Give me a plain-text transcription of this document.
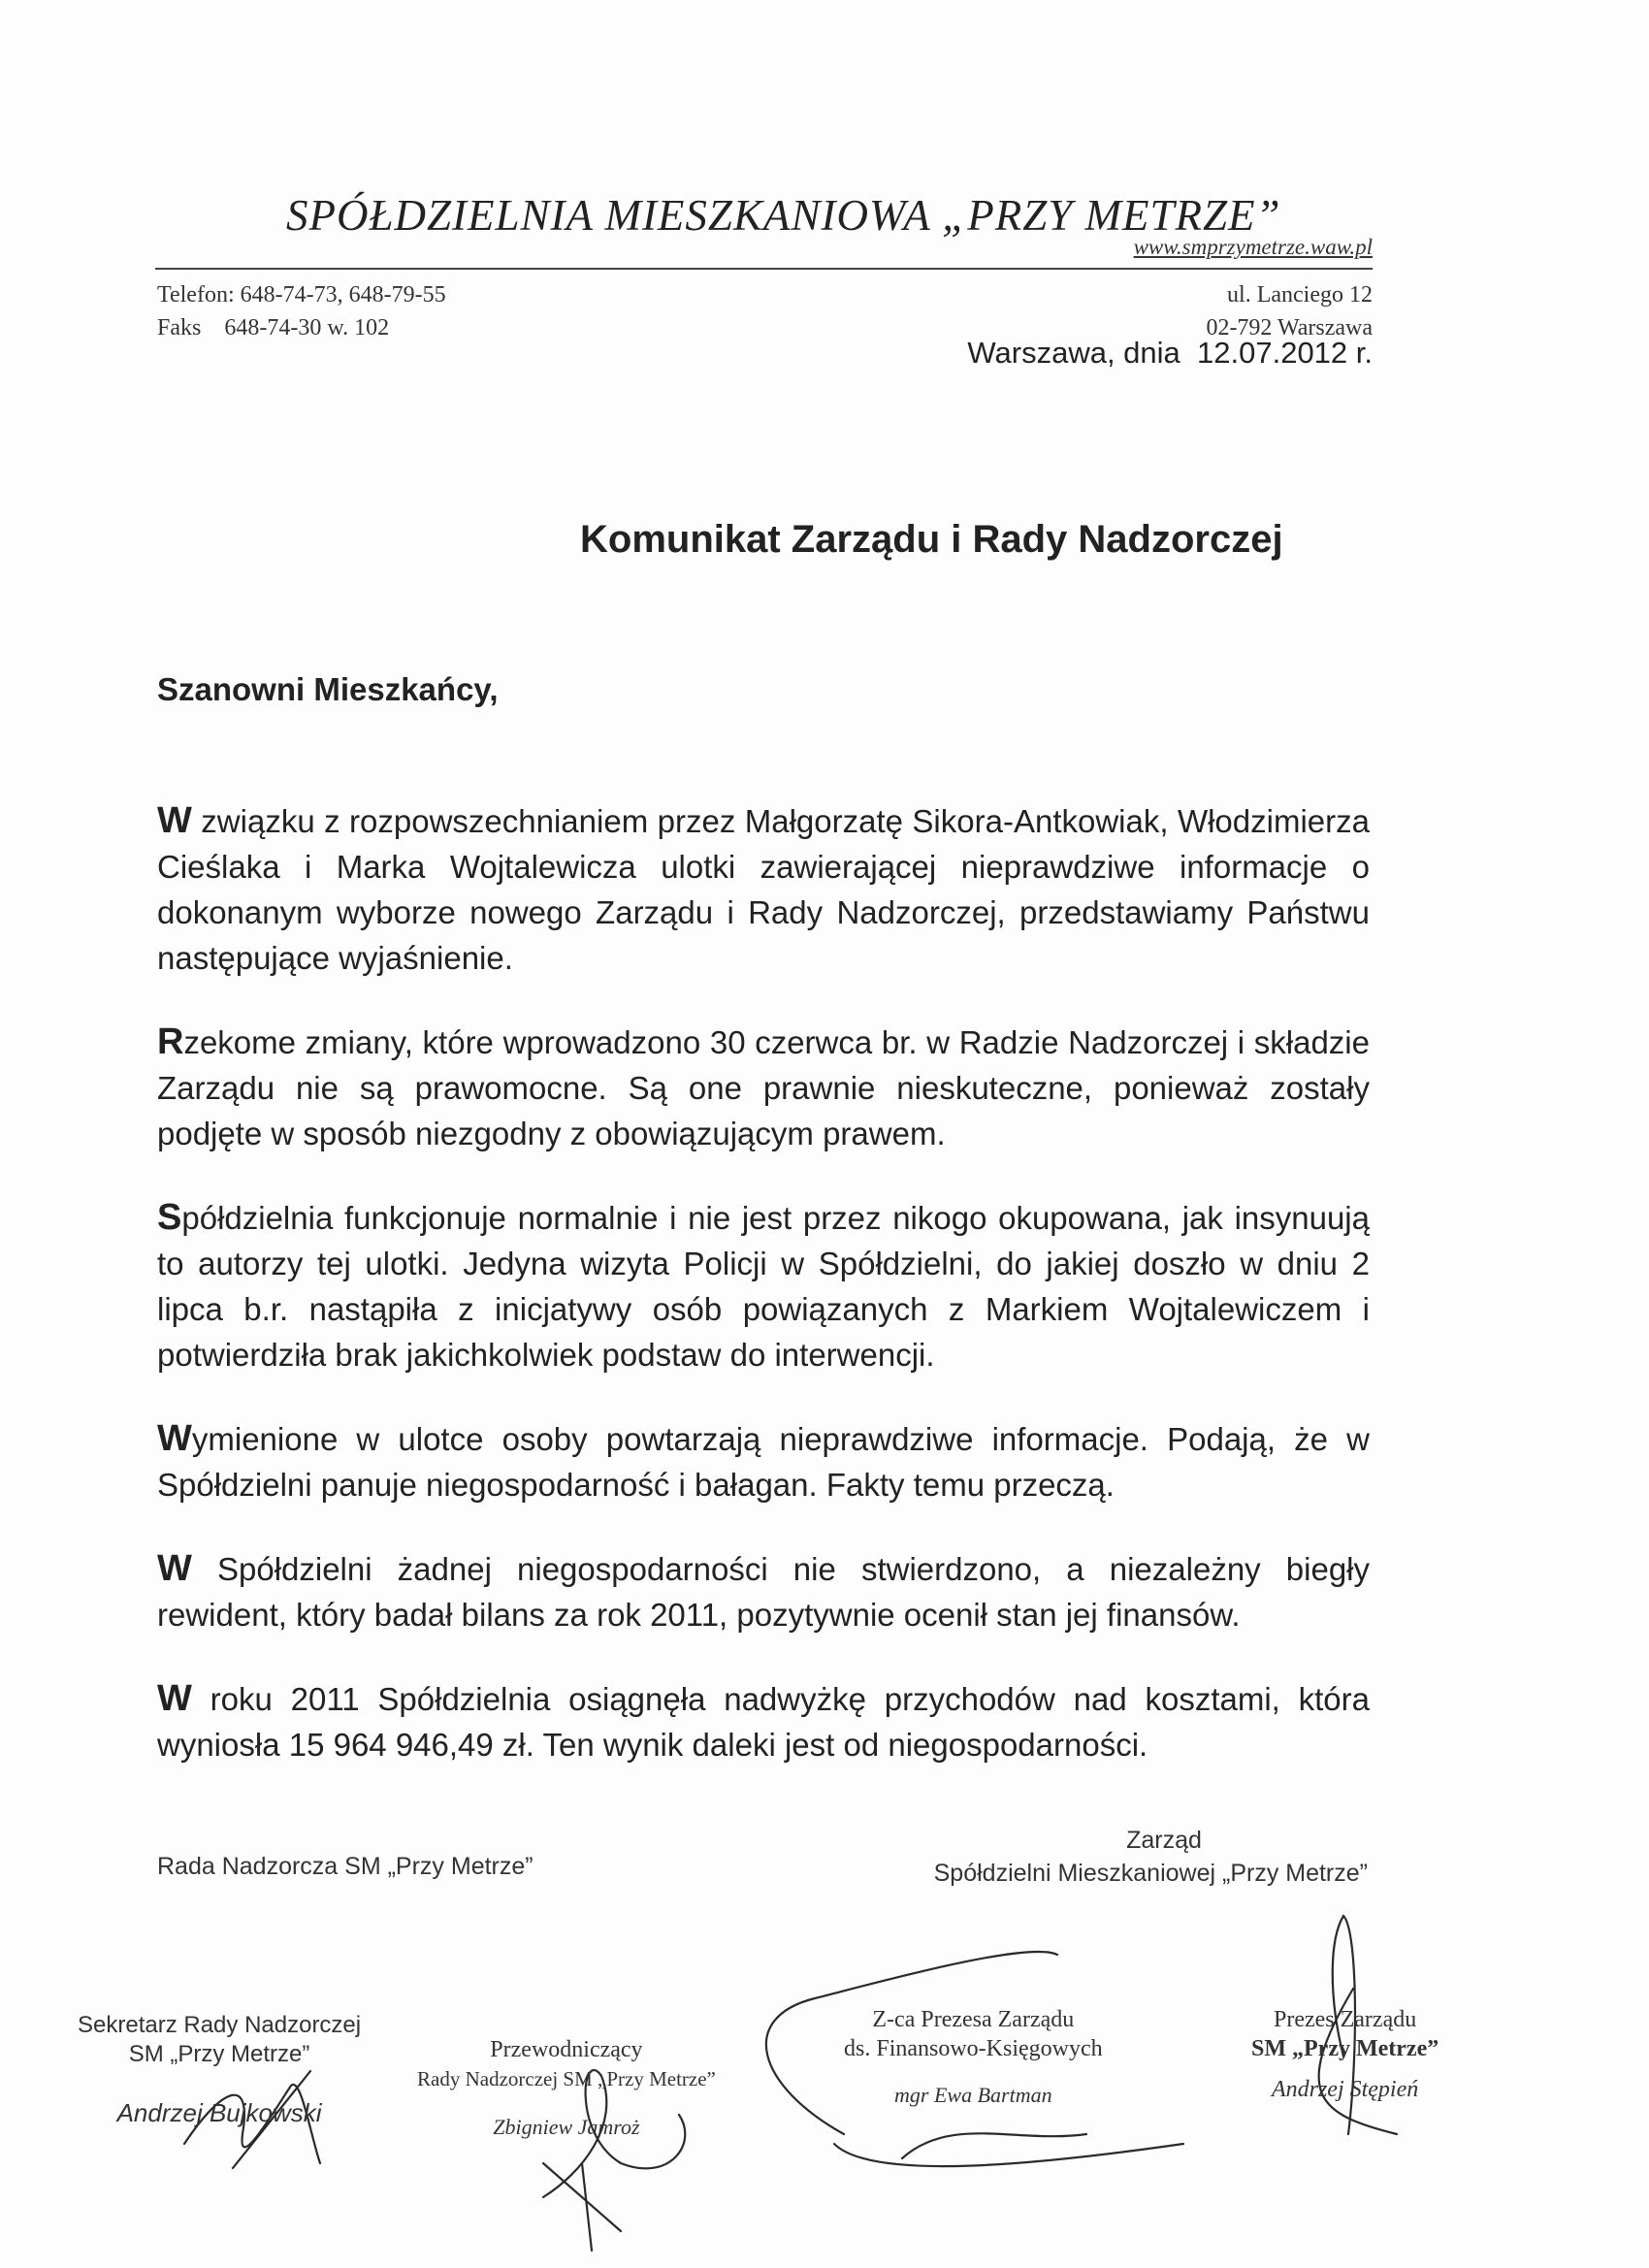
SPÓŁDZIELNIA MIESZKANIOWA „PRZY METRZE”
www.smprzymetrze.waw.pl
Telefon: 648-74-73, 648-79-55
Faks    648-74-30 w. 102
ul. Lanciego 12
02-792 Warszawa
Warszawa, dnia  12.07.2012 r.
Komunikat Zarządu i Rady Nadzorczej
Szanowni Mieszkańcy,

W związku z rozpowszechnianiem przez Małgorzatę Sikora-Antkowiak, Włodzimierza Cieślaka i Marka Wojtalewicza ulotki zawierającej nieprawdziwe informacje o dokonanym wyborze nowego Zarządu i Rady Nadzorczej, przedstawiamy Państwu następujące wyjaśnienie.

Rzekome zmiany, które wprowadzono 30 czerwca br. w Radzie Nadzorczej i składzie Zarządu nie są prawomocne. Są one prawnie nieskuteczne, ponieważ zostały podjęte w sposób niezgodny z obowiązującym prawem.

Spółdzielnia funkcjonuje normalnie i nie jest przez nikogo okupowana, jak insynuują to autorzy tej ulotki. Jedyna wizyta Policji w Spółdzielni, do jakiej doszło w dniu 2 lipca b.r. nastąpiła z inicjatywy osób powiązanych z Markiem Wojtalewiczem i potwierdziła brak jakichkolwiek podstaw do interwencji.

Wymienione w ulotce osoby powtarzają nieprawdziwe informacje. Podają, że w Spółdzielni panuje niegospodarność i bałagan. Fakty temu przeczą.

W Spółdzielni żadnej niegospodarności nie stwierdzono, a niezależny biegły rewident, który badał bilans za rok 2011, pozytywnie ocenił stan jej finansów.

W roku 2011 Spółdzielnia osiągnęła nadwyżkę przychodów nad kosztami, która wyniosła 15 964 946,49 zł. Ten wynik daleki jest od niegospodarności.

Rada Nadzorcza SM „Przy Metrze”
Zarząd
Spółdzielni Mieszkaniowej „Przy Metrze”
Sekretarz Rady Nadzorczej
SM „Przy Metrze”
Andrzej Bujkowski
Przewodniczący
Rady Nadzorczej SM „Przy Metrze”
Zbigniew Jamroż
Z-ca Prezesa Zarządu
ds. Finansowo-Księgowych
mgr Ewa Bartman
Prezes Zarządu
SM „Przy Metrze”
Andrzej Stępień
